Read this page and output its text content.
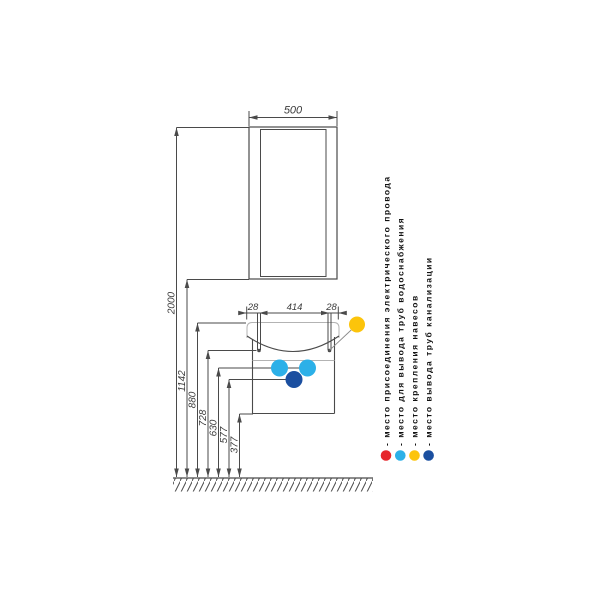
500
2000
1142
880
728
630 577
377
28	414	28	- место присоединения электрического провода - место для вывода труб водоснабжения - место крепления навесов - место вывода труб канализации
